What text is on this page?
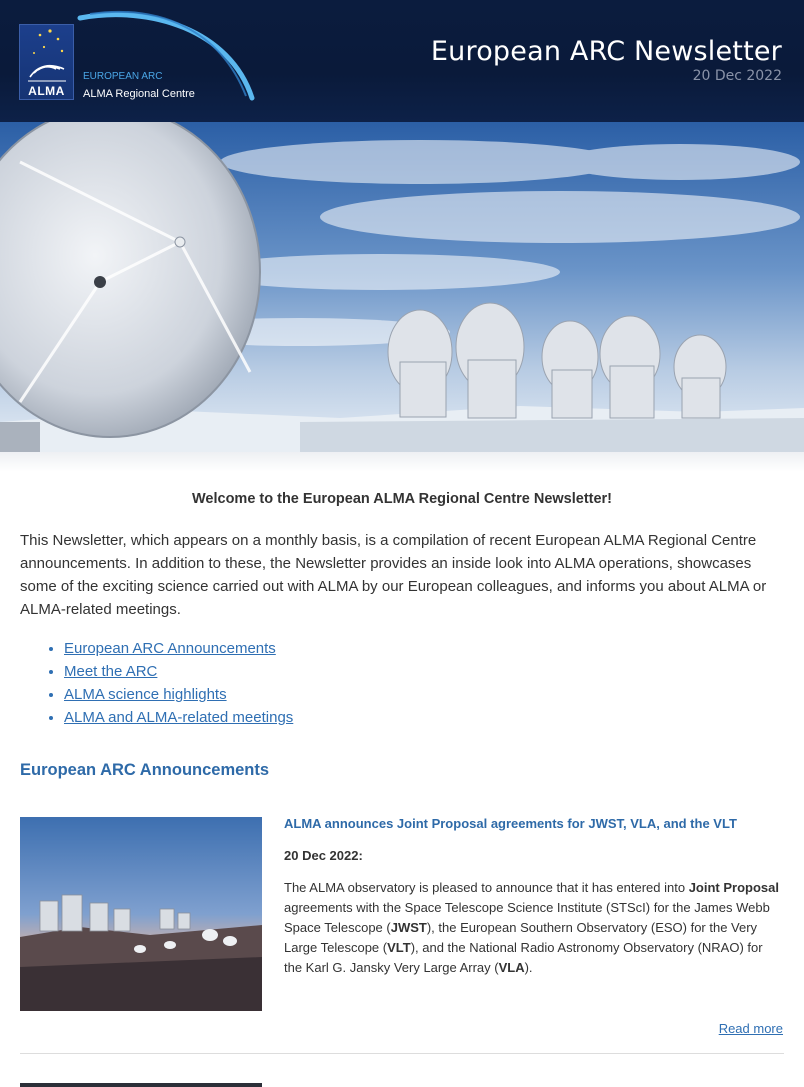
ALMA
EUROPEAN ARC
ALMA Regional Centre
European ARC Newsletter
20 Dec 2022
Welcome to the European ALMA Regional Centre Newsletter!
This Newsletter, which appears on a monthly basis, is a compilation of recent European ALMA Regional Centre announcements. In addition to these, the Newsletter provides an inside look into ALMA operations, showcases some of the exciting science carried out with ALMA by our European colleagues, and informs you about ALMA or ALMA-related meetings.
• European ARC Announcements
• Meet the ARC
• ALMA science highlights
• ALMA and ALMA-related meetings
European ARC Announcements
ALMA announces Joint Proposal agreements for JWST, VLA, and the VLT
20 Dec 2022:
The ALMA observatory is pleased to announce that it has entered into Joint Proposal agreements with the Space Telescope Science Institute (STScI) for the James Webb Space Telescope (JWST), the European Southern Observatory (ESO) for the Very Large Telescope (VLT), and the National Radio Astronomy Observatory (NRAO) for the Karl G. Jansky Very Large Array (VLA).
Read more
